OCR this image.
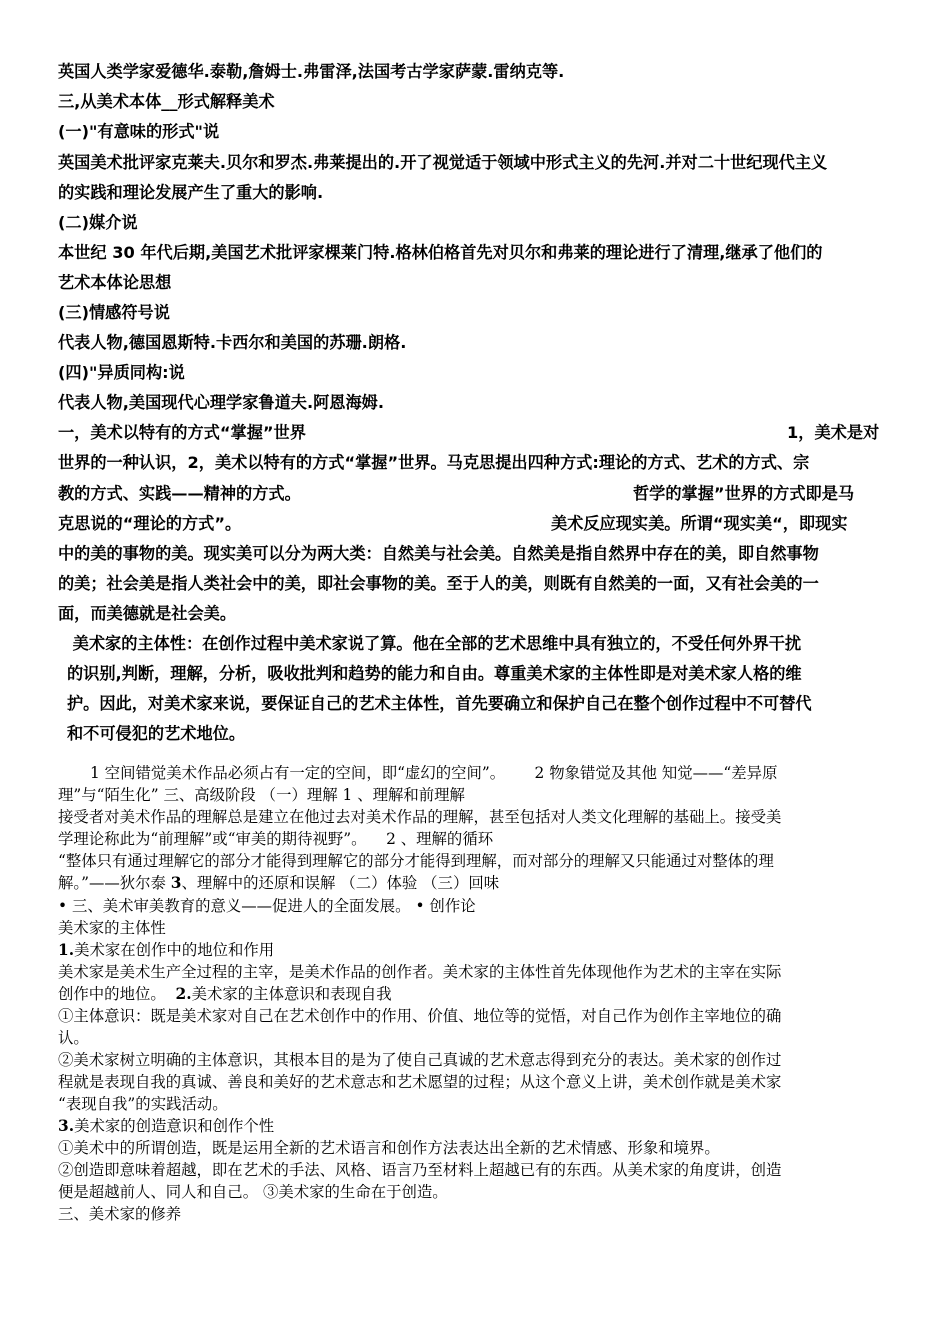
英国人类学家爱德华.泰勒,詹姆士.弗雷泽,法国考古学家萨蒙.雷纳克等.
三,从美术本体__形式解释美术
(一)"有意味的形式"说
英国美术批评家克莱夫.贝尔和罗杰.弗莱提出的.开了视觉适于领域中形式主义的先河.并对二十世纪现代主义
的实践和理论发展产生了重大的影响.
(二)媒介说
本世纪 30 年代后期,美国艺术批评家棵莱门特.格林伯格首先对贝尔和弗莱的理论进行了清理,继承了他们的
艺术本体论思想
(三)情感符号说
代表人物,德国恩斯特.卡西尔和美国的苏珊.朗格.
(四)"异质同构:说
代表人物,美国现代心理学家鲁道夫.阿恩海姆.
一，美术以特有的方式“掌握”世界	1，美术是对
世界的一种认识，2，美术以特有的方式“掌握”世界。马克思提出四种方式:理论的方式、艺术的方式、宗
教的方式、实践——精神的方式。	哲学的掌握”世界的方式即是马
克思说的“理论的方式”。	美术反应现实美。所谓“现实美“，即现实
中的美的事物的美。现实美可以分为两大类：自然美与社会美。自然美是指自然界中存在的美，即自然事物
的美；社会美是指人类社会中的美，即社会事物的美。至于人的美，则既有自然美的一面，又有社会美的一
面，而美德就是社会美。
美术家的主体性：在创作过程中美术家说了算。他在全部的艺术思维中具有独立的，不受任何外界干扰
的识别,判断，理解，分析，吸收批判和趋势的能力和自由。尊重美术家的主体性即是对美术家人格的维
护。因此，对美术家来说，要保证自己的艺术主体性，首先要确立和保护自己在整个创作过程中不可替代
和不可侵犯的艺术地位。
1 空间错觉美术作品必须占有一定的空间，即“虚幻的空间”。      2 物象错觉及其他 知觉——“差异原
理”与“陌生化” 三、高级阶段 （一）理解 1 、理解和前理解
接受者对美术作品的理解总是建立在他过去对美术作品的理解，甚至包括对人类文化理解的基础上。接受美
学理论称此为“前理解”或“审美的期待视野”。    2 、理解的循环
“整体只有通过理解它的部分才能得到理解它的部分才能得到理解，而对部分的理解又只能通过对整体的理
解。”——狄尔泰 3、理解中的还原和误解 （二）体验 （三）回味
• 三、美术审美教育的意义——促进人的全面发展。 • 创作论
美术家的主体性
1.美术家在创作中的地位和作用
美术家是美术生产全过程的主宰，是美术作品的创作者。美术家的主体性首先体现他作为艺术的主宰在实际
创作中的地位。  2.美术家的主体意识和表现自我
①主体意识：既是美术家对自己在艺术创作中的作用、价值、地位等的觉悟，对自己作为创作主宰地位的确
认。
②美术家树立明确的主体意识，其根本目的是为了使自己真诚的艺术意志得到充分的表达。美术家的创作过
程就是表现自我的真诚、善良和美好的艺术意志和艺术愿望的过程；从这个意义上讲，美术创作就是美术家
“表现自我”的实践活动。
3.美术家的创造意识和创作个性
①美术中的所谓创造，既是运用全新的艺术语言和创作方法表达出全新的艺术情感、形象和境界。
②创造即意味着超越，即在艺术的手法、风格、语言乃至材料上超越已有的东西。从美术家的角度讲，创造
便是超越前人、同人和自己。 ③美术家的生命在于创造。
三、美术家的修养
